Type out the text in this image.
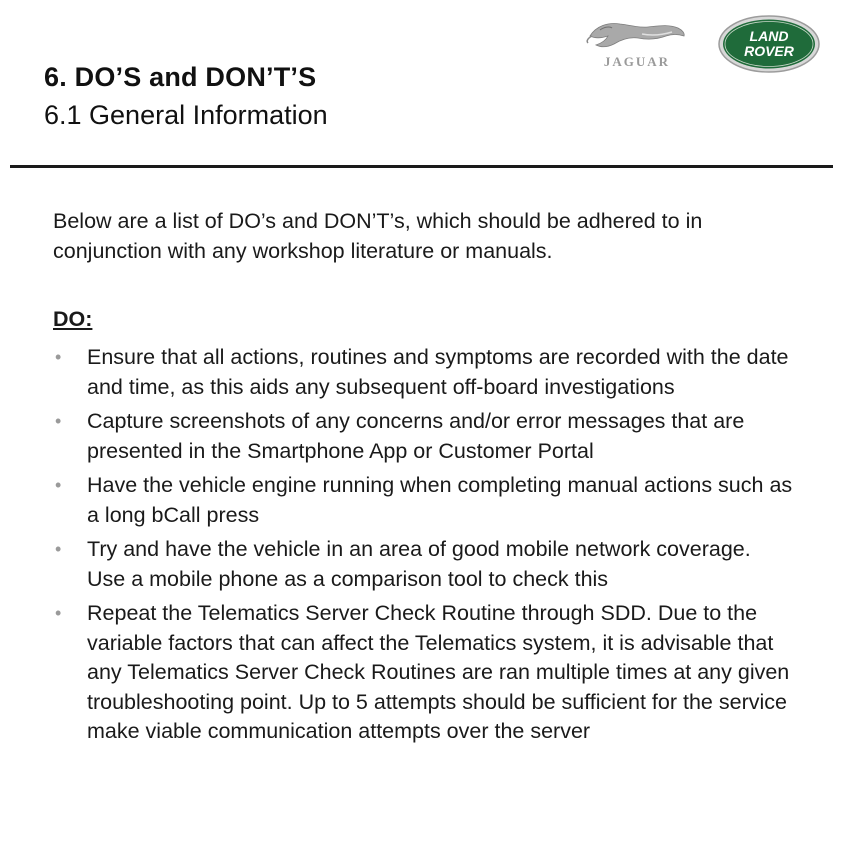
6. DO’S and DON’T’S
6.1 General Information
JAGUAR
LAND
ROVER
Below are a list of DO’s and DON’T’s, which should be adhered to in conjunction with any workshop literature or manuals.
DO:
• Ensure that all actions, routines and symptoms are recorded with the date and time, as this aids any subsequent off-board investigations
• Capture screenshots of any concerns and/or error messages that are presented in the Smartphone App or Customer Portal
• Have the vehicle engine running when completing manual actions such as a long bCall press
• Try and have the vehicle in an area of good mobile network coverage. Use a mobile phone as a comparison tool to check this
• Repeat the Telematics Server Check Routine through SDD. Due to the variable factors that can affect the Telematics system, it is advisable that any Telematics Server Check Routines are ran multiple times at any given troubleshooting point. Up to 5 attempts should be sufficient for the service make viable communication attempts over the server
